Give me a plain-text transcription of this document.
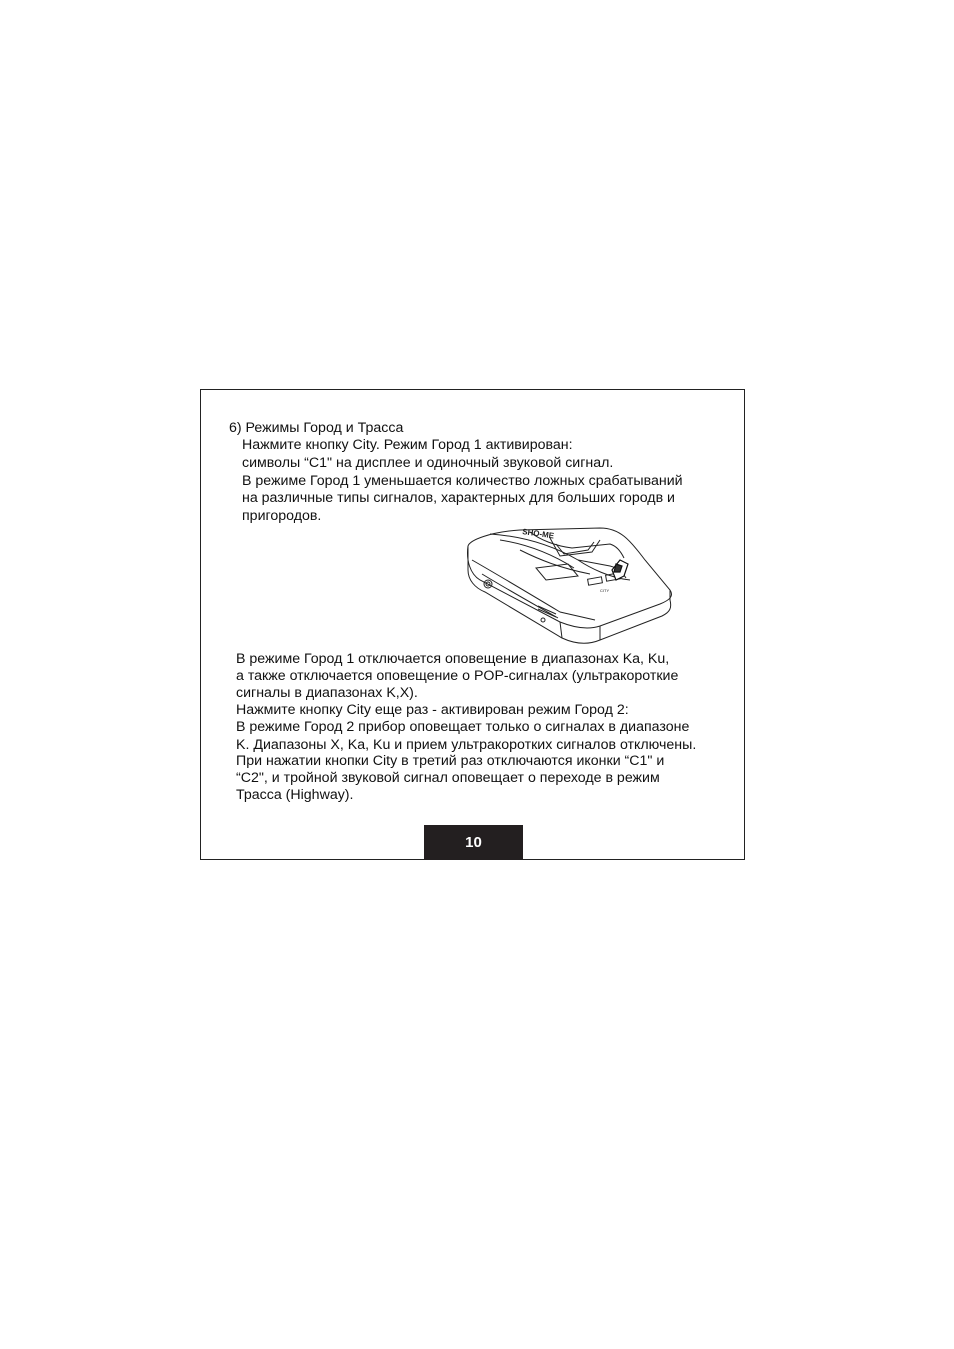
6) Режимы Город и Трасса
Нажмите кнопку City. Режим Город 1 активирован:
символы “C1" на дисплее и одиночный звуковой сигнал.
В режиме Город 1 уменьшается количество ложных срабатываний
на различные типы сигналов, характерных для больших городв и
пригородов.
SHO-ME
CITY
В режиме Город 1 отключается оповещение в диапазонах Ka, Ku,
а также отключается оповещение о POP-сигналах (ультракороткие
сигналы в диапазонах K,X).
Нажмите кнопку City еще раз - активирован режим Город 2:
В режиме Город 2 прибор оповещает только о сигналах в диапазоне
K. Диапазоны X, Ka, Ku и прием ультракоротких сигналов отключены.
При нажатии кнопки City в третий раз отключаются иконки “C1" и
“C2", и тройной звуковой сигнал оповещает о переходе в режим
Трасса (Highway).
10
